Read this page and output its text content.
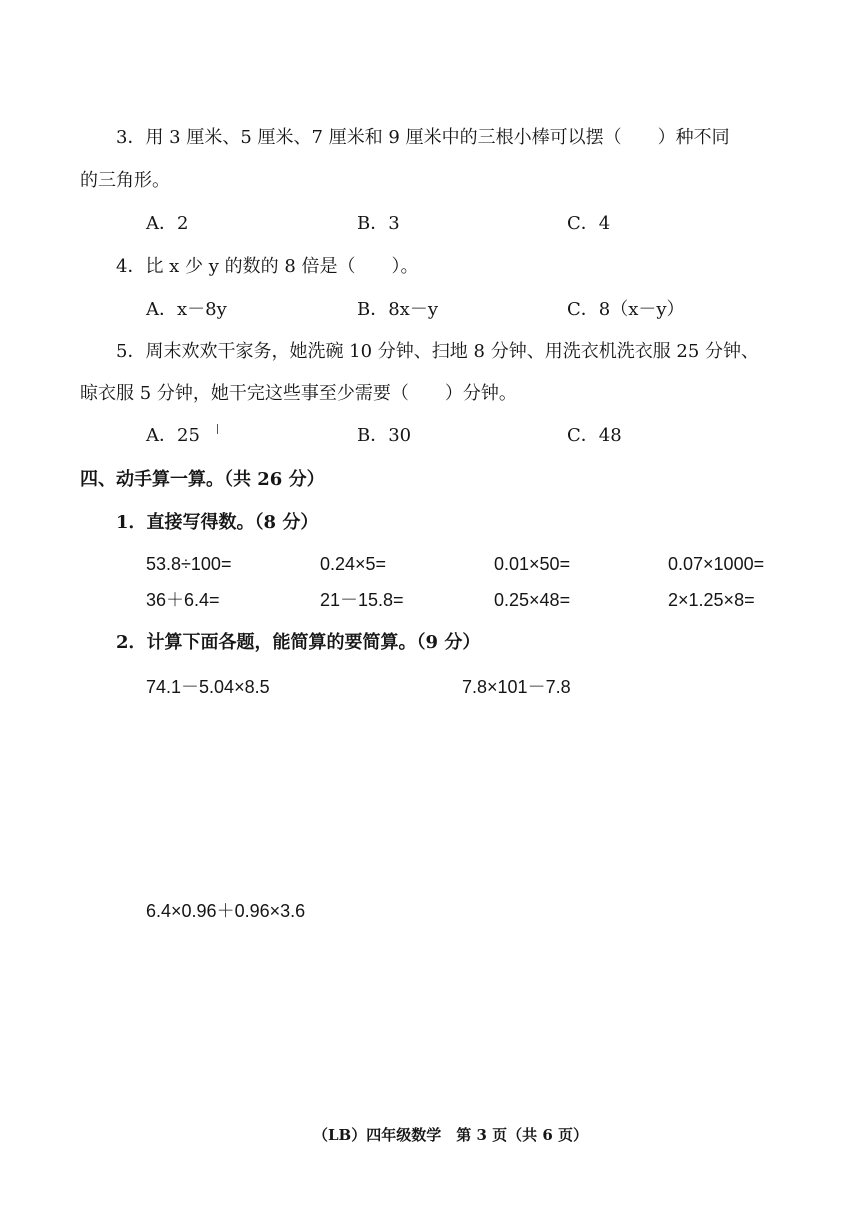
3．用 3 厘米、5 厘米、7 厘米和 9 厘米中的三根小棒可以摆（　　）种不同
的三角形。
A．2	B．3	C．4
4．比 x 少 y 的数的 8 倍是（　　）。
A．x－8y	B．8x－y	C．8（x－y）
5．周末欢欢干家务，她洗碗 10 分钟、扫地 8 分钟、用洗衣机洗衣服 25 分钟、
晾衣服 5 分钟，她干完这些事至少需要（　　）分钟。
A．25	B．30	C．48
四、动手算一算。（共 26 分）
1．直接写得数。（8 分）
53.8÷100=	0.24×5=	0.01×50=	0.07×1000=
36＋6.4=	21－15.8=	0.25×48=	2×1.25×8=
2．计算下面各题，能简算的要简算。（9 分）
74.1－5.04×8.5	7.8×101－7.8
6.4×0.96＋0.96×3.6
（LB）四年级数学　第 3 页（共 6 页）
